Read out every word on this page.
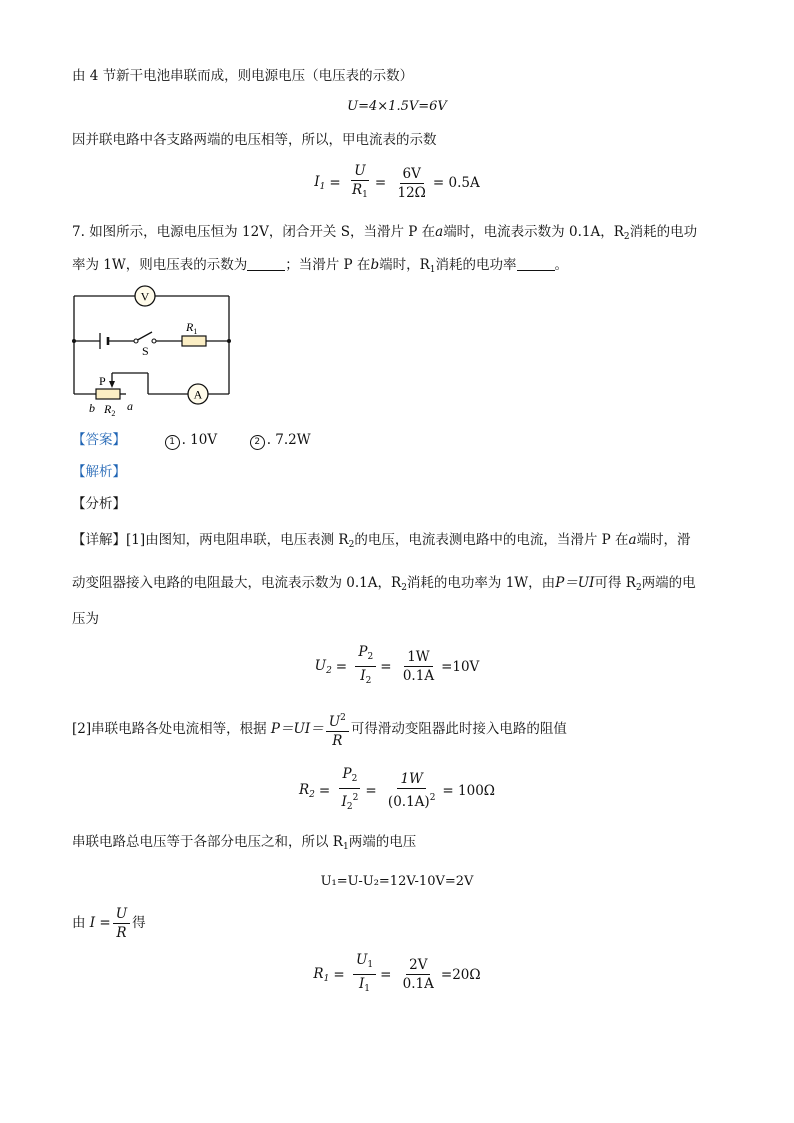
由 4 节新干电池串联而成，则电源电压（电压表的示数）
U=4×1.5V=6V
因并联电路中各支路两端的电压相等，所以，甲电流表的示数
$I_1 = \frac{U}{R_1} = \frac{6V}{12\Omega} = 0.5A$
7. 如图所示，电源电压恒为 12V，闭合开关 S，当滑片 P 在a端时，电流表示数为 0.1A，$R_2$消耗的电功
率为 1W，则电压表的示数为	；当滑片 P 在b端时，$R_1$消耗的电功率	。
V
S
$R_1$
P
b $R_2$
a
A
【答案】	1 . 10V	2 . 7.2W
【解析】
【分析】
【详解】[1]由图知，两电阻串联，电压表测 $R_2$的电压，电流表测电路中的电流，当滑片 P 在a端时，滑
动变阻器接入电路的电阻最大，电流表示数为 0.1A，$R_2$消耗的电功率为 1W，由P＝UI可得 $R_2$两端的电
压为
$U_2 = \frac{P_2}{I_2} = \frac{1W}{0.1A} =10V$
[2]串联电路各处电流相等，根据 $P=UI= \frac{U^2}{R}$ 可得滑动变阻器此时接入电路的阻值
$R_2 = \frac{P_2}{I_2^2} = \frac{1W}{(0.1A)^2} = 100\Omega$
串联电路总电压等于各部分电压之和，所以 $R_1$两端的电压
U₁=U-U₂=12V-10V=2V
由 $I = \frac{U}{R}$ 得
$R_1 = \frac{U_1}{I_1} = \frac{2V}{0.1A} =20\Omega$
